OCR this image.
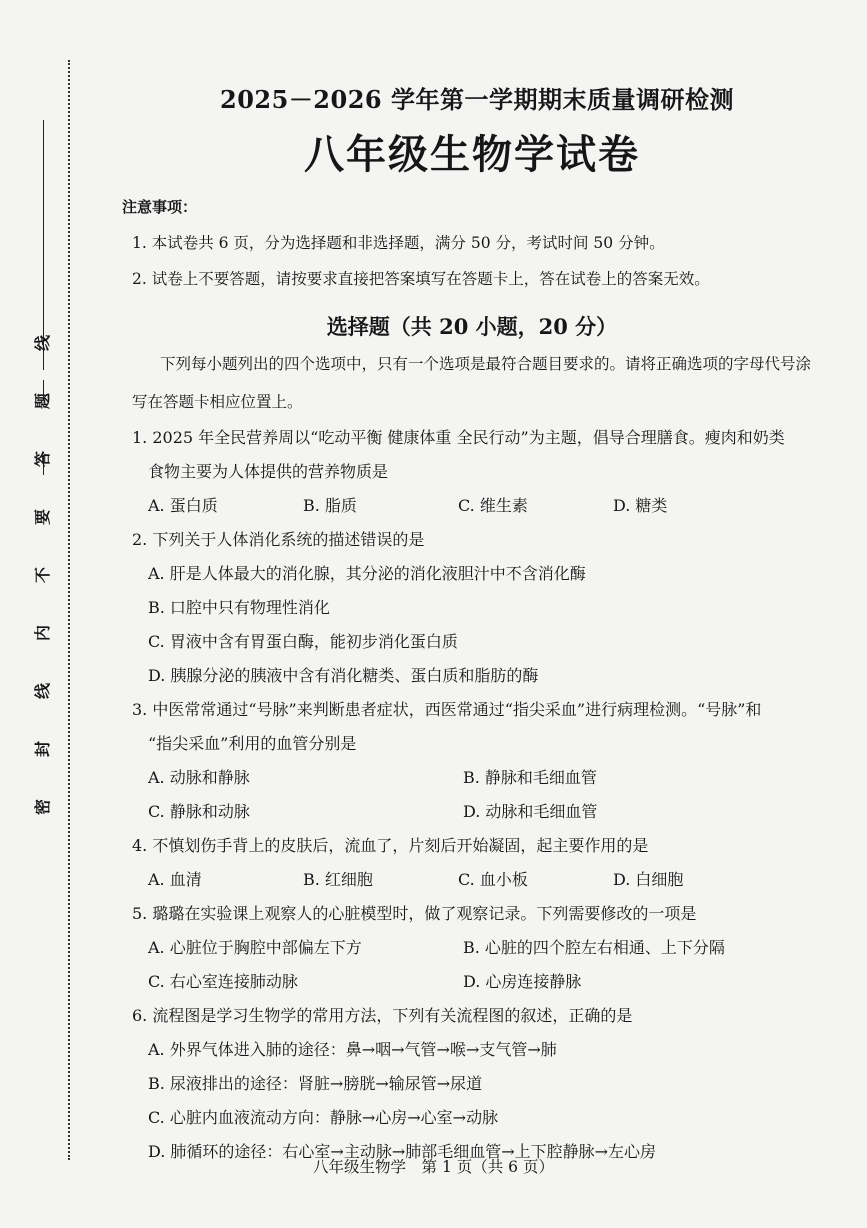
线
题
答
要
不
内
线
封
密
2025－2026 学年第一学期期末质量调研检测
八年级生物学试卷
注意事项：
1. 本试卷共 6 页，分为选择题和非选择题，满分 50 分，考试时间 50 分钟。
2. 试卷上不要答题，请按要求直接把答案填写在答题卡上，答在试卷上的答案无效。
选择题（共 20 小题，20 分）
下列每小题列出的四个选项中，只有一个选项是最符合题目要求的。请将正确选项的字母代号涂写在答题卡相应位置上。
1. 2025 年全民营养周以“吃动平衡 健康体重 全民行动”为主题，倡导合理膳食。瘦肉和奶类
食物主要为人体提供的营养物质是
A. 蛋白质	B. 脂质	C. 维生素	D. 糖类
2. 下列关于人体消化系统的描述错误的是
A. 肝是人体最大的消化腺，其分泌的消化液胆汁中不含消化酶
B. 口腔中只有物理性消化
C. 胃液中含有胃蛋白酶，能初步消化蛋白质
D. 胰腺分泌的胰液中含有消化糖类、蛋白质和脂肪的酶
3. 中医常常通过“号脉”来判断患者症状，西医常通过“指尖采血”进行病理检测。“号脉”和
“指尖采血”利用的血管分别是
A. 动脉和静脉	B. 静脉和毛细血管
C. 静脉和动脉	D. 动脉和毛细血管
4. 不慎划伤手背上的皮肤后，流血了，片刻后开始凝固，起主要作用的是
A. 血清	B. 红细胞	C. 血小板	D. 白细胞
5. 璐璐在实验课上观察人的心脏模型时，做了观察记录。下列需要修改的一项是
A. 心脏位于胸腔中部偏左下方	B. 心脏的四个腔左右相通、上下分隔
C. 右心室连接肺动脉	D. 心房连接静脉
6. 流程图是学习生物学的常用方法，下列有关流程图的叙述，正确的是
A. 外界气体进入肺的途径：鼻→咽→气管→喉→支气管→肺
B. 尿液排出的途径：肾脏→膀胱→输尿管→尿道
C. 心脏内血液流动方向：静脉→心房→心室→动脉
D. 肺循环的途径：右心室→主动脉→肺部毛细血管→上下腔静脉→左心房
八年级生物学　第 1 页（共 6 页）
